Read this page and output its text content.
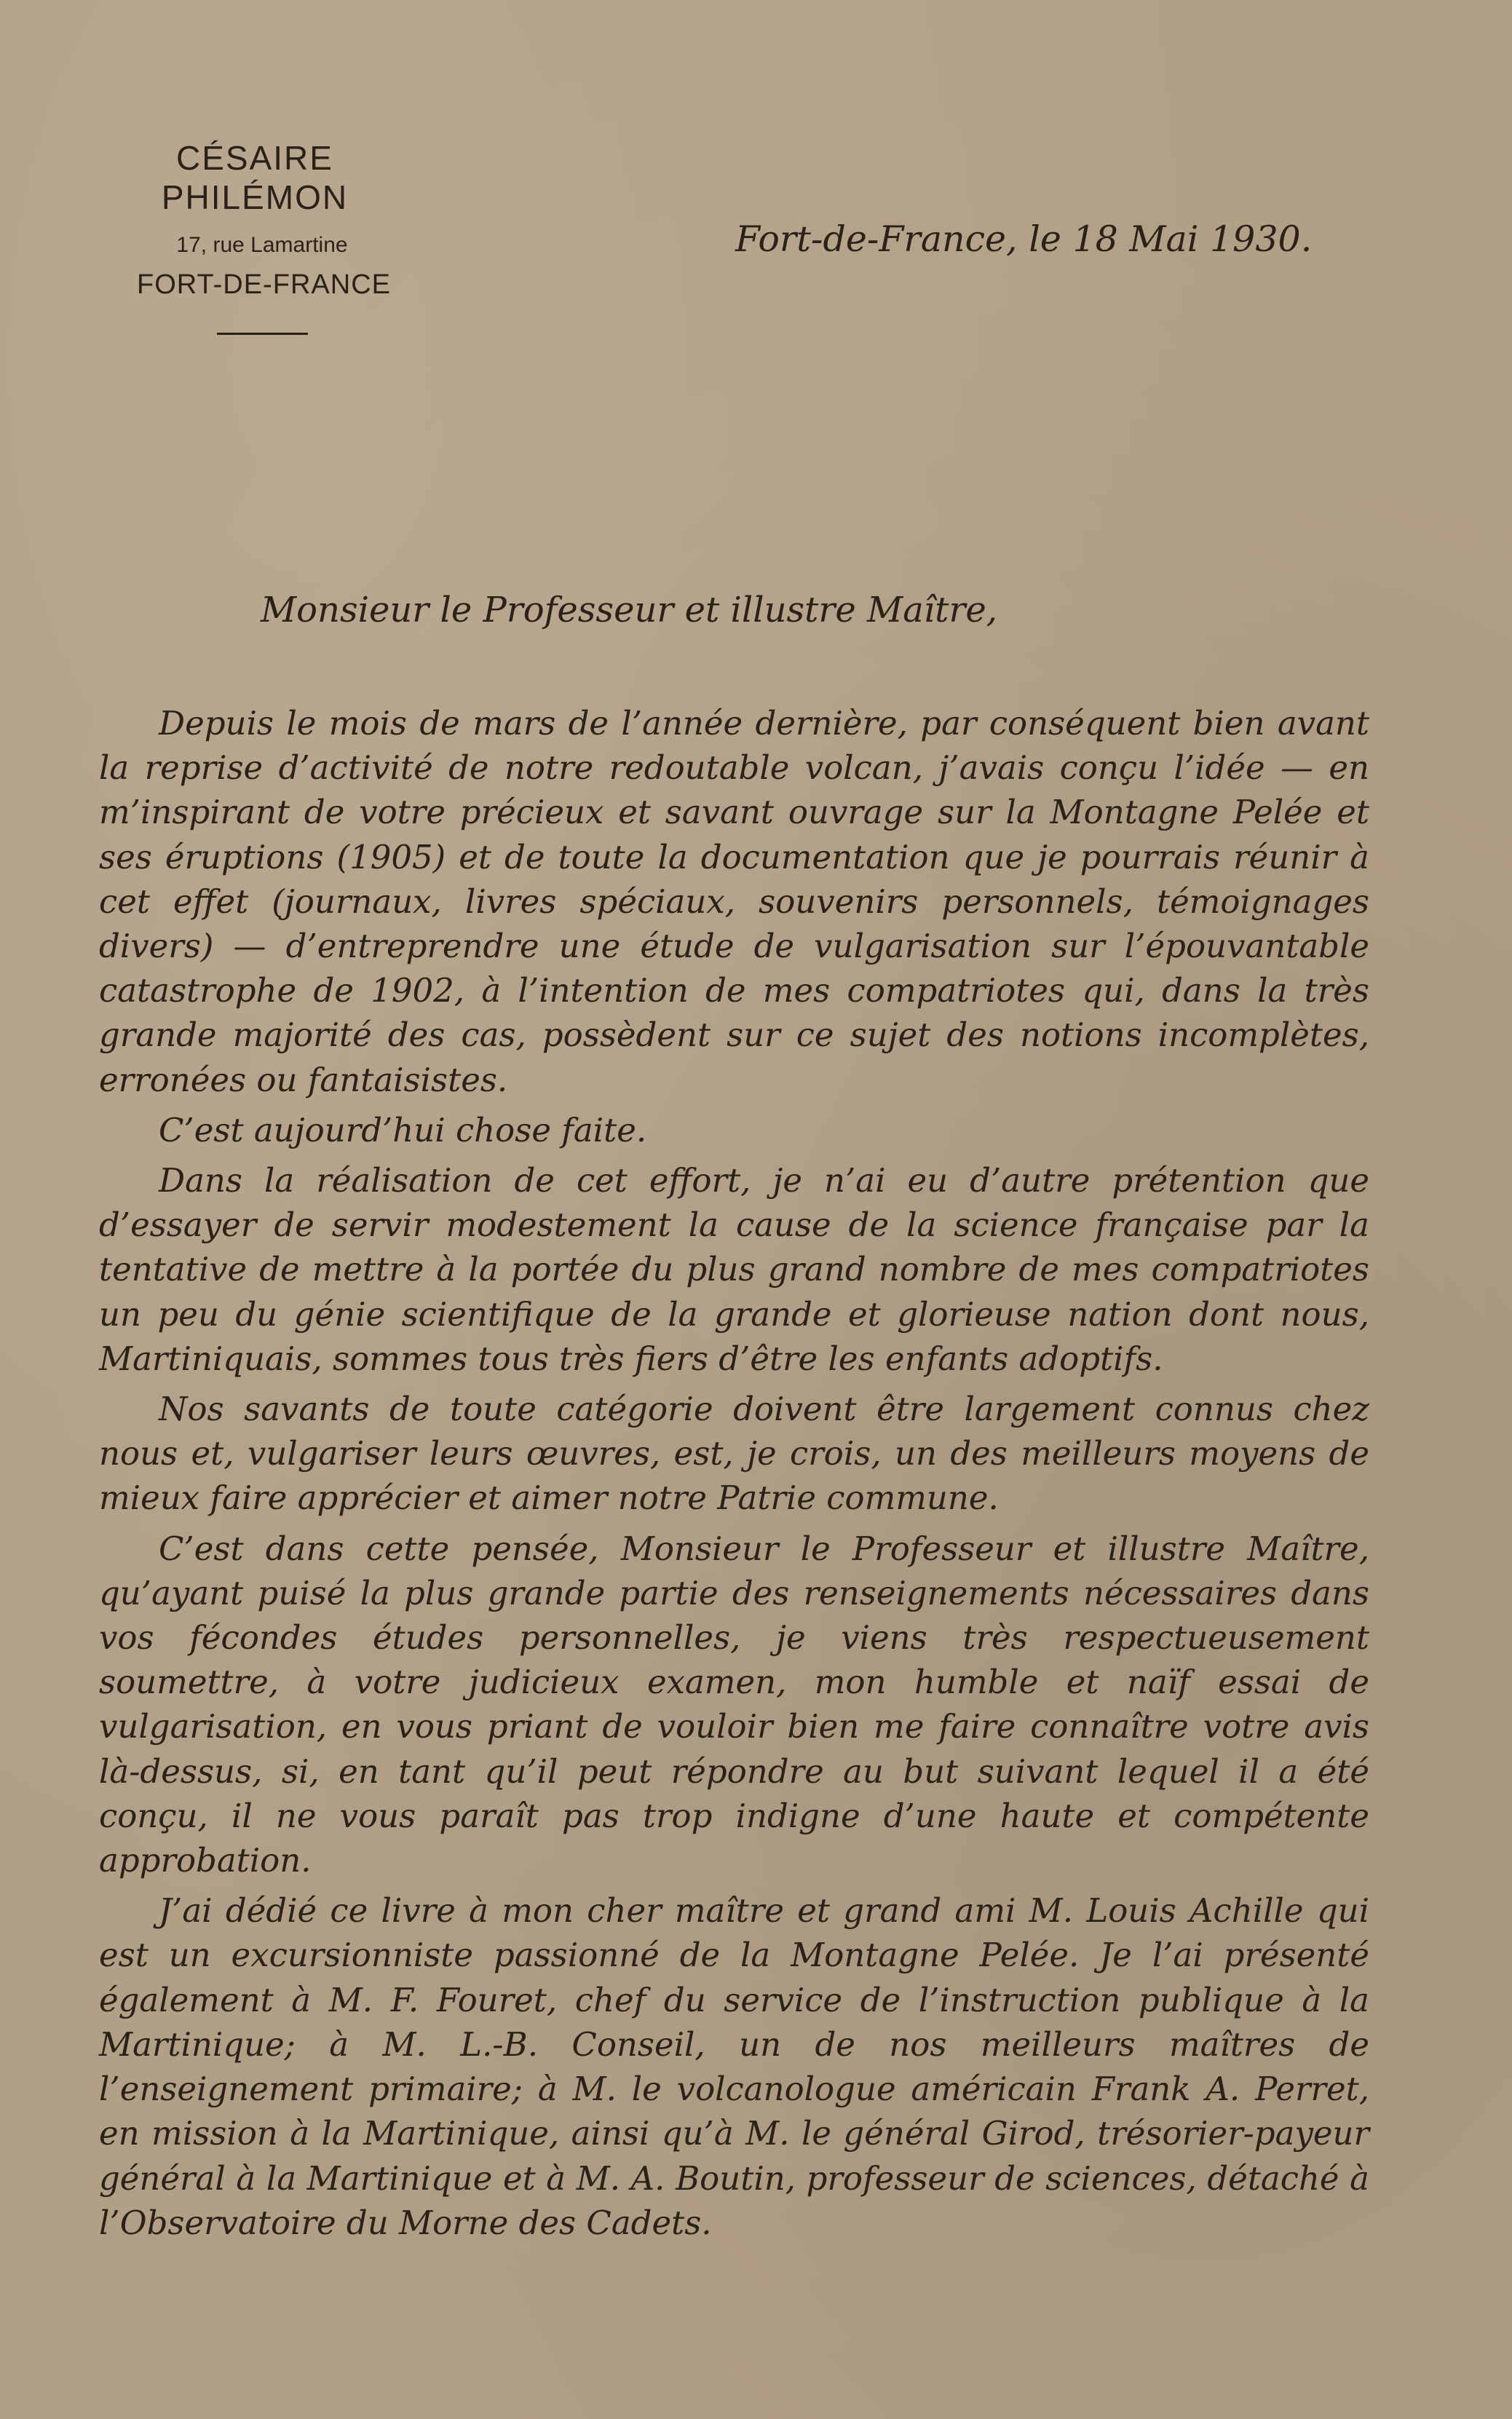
CÉSAIRE PHILÉMON
17, rue Lamartine
FORT-DE-FRANCE
Fort-de-France, le 18 Mai 1930.
Monsieur le Professeur et illustre Maître,

Depuis le mois de mars de l’année dernière, par conséquent bien avant la reprise d’activité de notre redoutable volcan, j’avais conçu l’idée — en m’inspirant de votre précieux et savant ouvrage sur la Montagne Pelée et ses éruptions (1905) et de toute la documentation que je pourrais réunir à cet effet (journaux, livres spéciaux, souvenirs personnels, témoignages divers) — d’entreprendre une étude de vulgarisation sur l’épouvantable catastrophe de 1902, à l’intention de mes compatriotes qui, dans la très grande majorité des cas, possèdent sur ce sujet des notions incomplètes, erronées ou fantaisistes.

C’est aujourd’hui chose faite.

Dans la réalisation de cet effort, je n’ai eu d’autre prétention que d’essayer de servir modestement la cause de la science française par la tentative de mettre à la portée du plus grand nombre de mes compatriotes un peu du génie scientifique de la grande et glorieuse nation dont nous, Martiniquais, sommes tous très fiers d’être les enfants adoptifs.

Nos savants de toute catégorie doivent être largement connus chez nous et, vulgariser leurs œuvres, est, je crois, un des meilleurs moyens de mieux faire apprécier et aimer notre Patrie commune.

C’est dans cette pensée, Monsieur le Professeur et illustre Maître, qu’ayant puisé la plus grande partie des renseignements nécessaires dans vos fécondes études personnelles, je viens très respectueusement soumettre, à votre judicieux examen, mon humble et naïf essai de vulgarisation, en vous priant de vouloir bien me faire connaître votre avis là-dessus, si, en tant qu’il peut répondre au but suivant lequel il a été conçu, il ne vous paraît pas trop indigne d’une haute et compétente approbation.

J’ai dédié ce livre à mon cher maître et grand ami M. Louis Achille qui est un excursionniste passionné de la Montagne Pelée. Je l’ai présenté également à M. F. Fouret, chef du service de l’instruction publique à la Martinique; à M. L.-B. Conseil, un de nos meilleurs maîtres de l’enseignement primaire; à M. le volcanologue américain Frank A. Perret, en mission à la Martinique, ainsi qu’à M. le général Girod, trésorier-payeur général à la Martinique et à M. A. Boutin, professeur de sciences, détaché à l’Observatoire du Morne des Cadets.
